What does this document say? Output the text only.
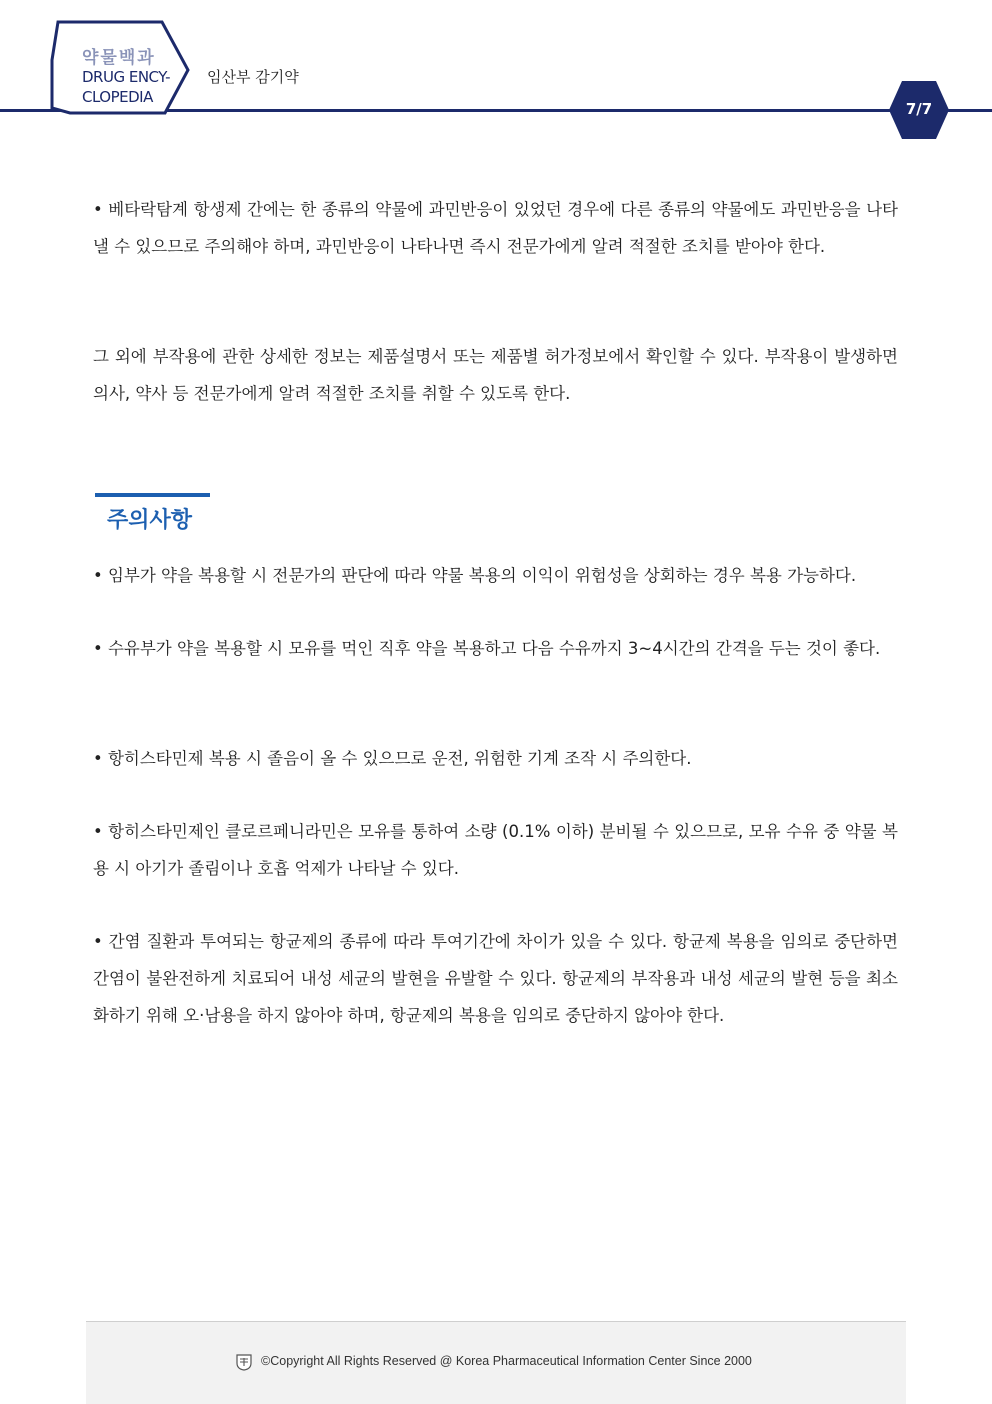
약물백과
DRUG ENCY-
CLOPEDIA
임산부 감기약
7/7
• 베타락탐계 항생제 간에는 한 종류의 약물에 과민반응이 있었던 경우에 다른 종류의 약물에도 과민반응을 나타낼 수 있으므로 주의해야 하며, 과민반응이 나타나면 즉시 전문가에게 알려 적절한 조치를 받아야 한다.
그 외에 부작용에 관한 상세한 정보는 제품설명서 또는 제품별 허가정보에서 확인할 수 있다. 부작용이 발생하면 의사, 약사 등 전문가에게 알려 적절한 조치를 취할 수 있도록 한다.
주의사항
• 임부가 약을 복용할 시 전문가의 판단에 따라 약물 복용의 이익이 위험성을 상회하는 경우 복용 가능하다.
• 수유부가 약을 복용할 시 모유를 먹인 직후 약을 복용하고 다음 수유까지 3~4시간의 간격을 두는 것이 좋다.
• 항히스타민제 복용 시 졸음이 올 수 있으므로 운전, 위험한 기계 조작 시 주의한다.
• 항히스타민제인 클로르페니라민은 모유를 통하여 소량 (0.1% 이하) 분비될 수 있으므로, 모유 수유 중 약물 복용 시 아기가 졸림이나 호흡 억제가 나타날 수 있다.
• 간염 질환과 투여되는 항균제의 종류에 따라 투여기간에 차이가 있을 수 있다. 항균제 복용을 임의로 중단하면 간염이 불완전하게 치료되어 내성 세균의 발현을 유발할 수 있다. 항균제의 부작용과 내성 세균의 발현 등을 최소화하기 위해 오·남용을 하지 않아야 하며, 항균제의 복용을 임의로 중단하지 않아야 한다.
©Copyright All Rights Reserved @ Korea Pharmaceutical Information Center Since 2000
